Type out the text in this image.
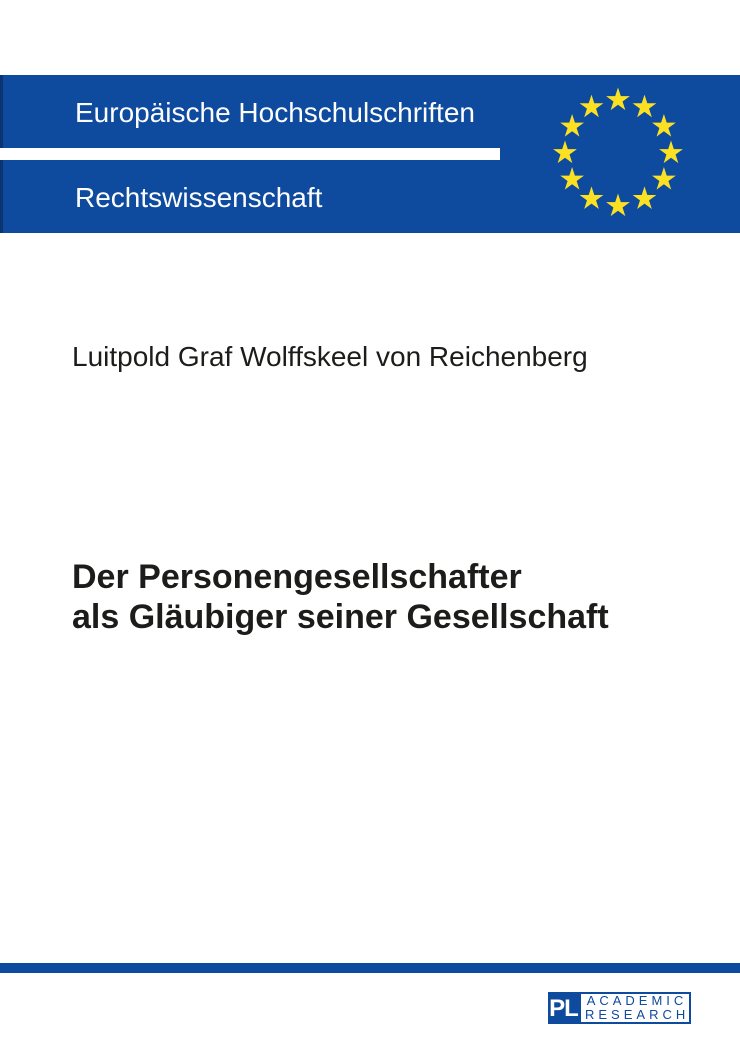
Europäische Hochschulschriften
Rechtswissenschaft
Luitpold Graf Wolffskeel von Reichenberg
Der Personengesellschafter
als Gläubiger seiner Gesellschaft
PL ACADEMIC
RESEARCH
